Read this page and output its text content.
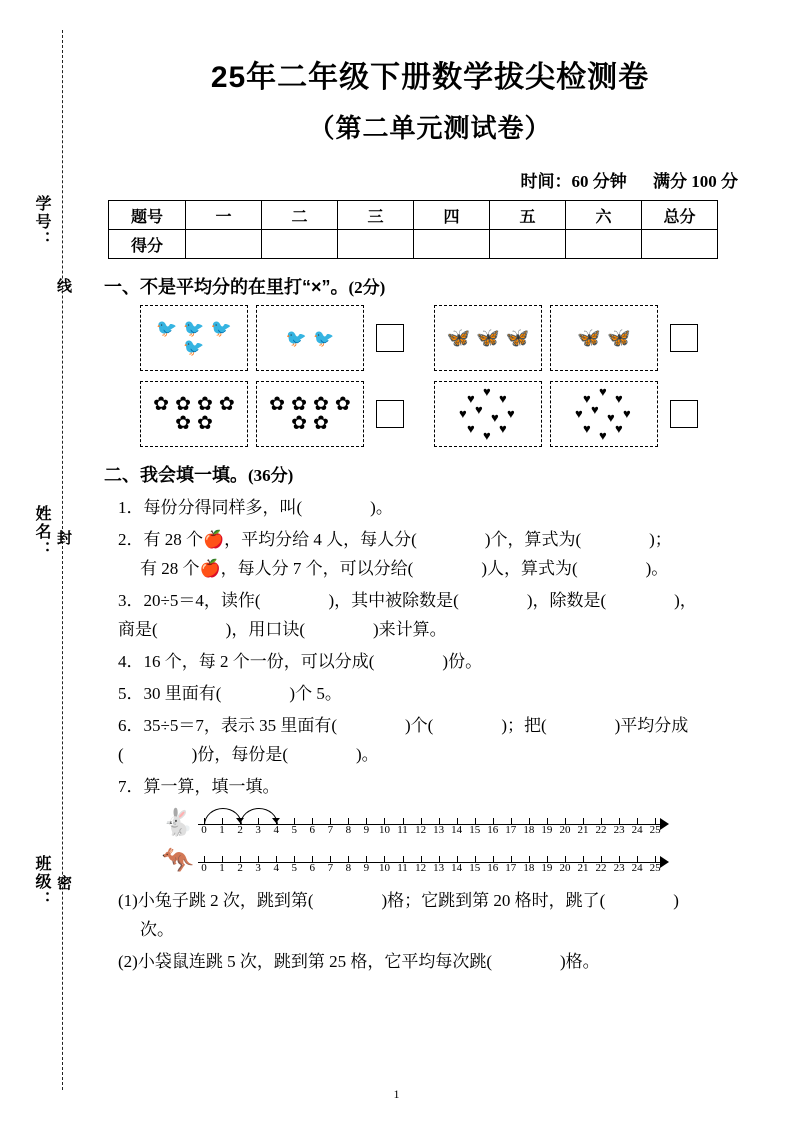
学号：
姓名：
班级：
线
封
密
25年二年级下册数学拔尖检测卷
（第二单元测试卷）
时间：60 分钟 满分 100 分
题号	一	二	三	四	五	六	总分
得分							
一、不是平均分的在里打“×”。(2分)
🐦 🐦 🐦
🐦	🐦 🐦	🦋 🦋 🦋	🦋 🦋
✿ ✿ ✿ ✿
✿ ✿
✿ ✿ ✿ ✿
✿ ✿
♥ ♥
♥
♥
♥
♥
♥
♥
♥
♥
♥ ♥
♥
♥
♥
♥
♥
♥
♥
♥
二、我会填一填。(36分)
1．每份分得同样多，叫(　　　　)。
2．有 28 个🍎，平均分给 4 人，每人分(　　　　)个，算式为(　　　　)；
有 28 个🍎，每人分 7 个，可以分给(　　　　)人，算式为(　　　　)。
3．20÷5＝4，读作(　　　　)，其中被除数是(　　　　)，除数是(　　　　)，
商是(　　　　)，用口诀(　　　　)来计算。
4．16 个，每 2 个一份，可以分成(　　　　)份。
5．30 里面有(　　　　)个 5。
6．35÷5＝7，表示 35 里面有(　　　　)个(　　　　)；把(　　　　)平均分成
(　　　　)份，每份是(　　　　)。
7．算一算，填一填。
🐇 0 1 2 3 4 5 6 7 8 9 10 11 12 13 14 15 16 17 18 19 20 21 22 23 24 25
🦘 0 1 2 3 4 5 6 7 8 9 10 11 12 13 14 15 16 17 18 19 20 21 22 23 24 25
(1)小兔子跳 2 次，跳到第(　　　　)格；它跳到第 20 格时，跳了(　　　　)
次。
(2)小袋鼠连跳 5 次，跳到第 25 格，它平均每次跳(　　　　)格。
1
